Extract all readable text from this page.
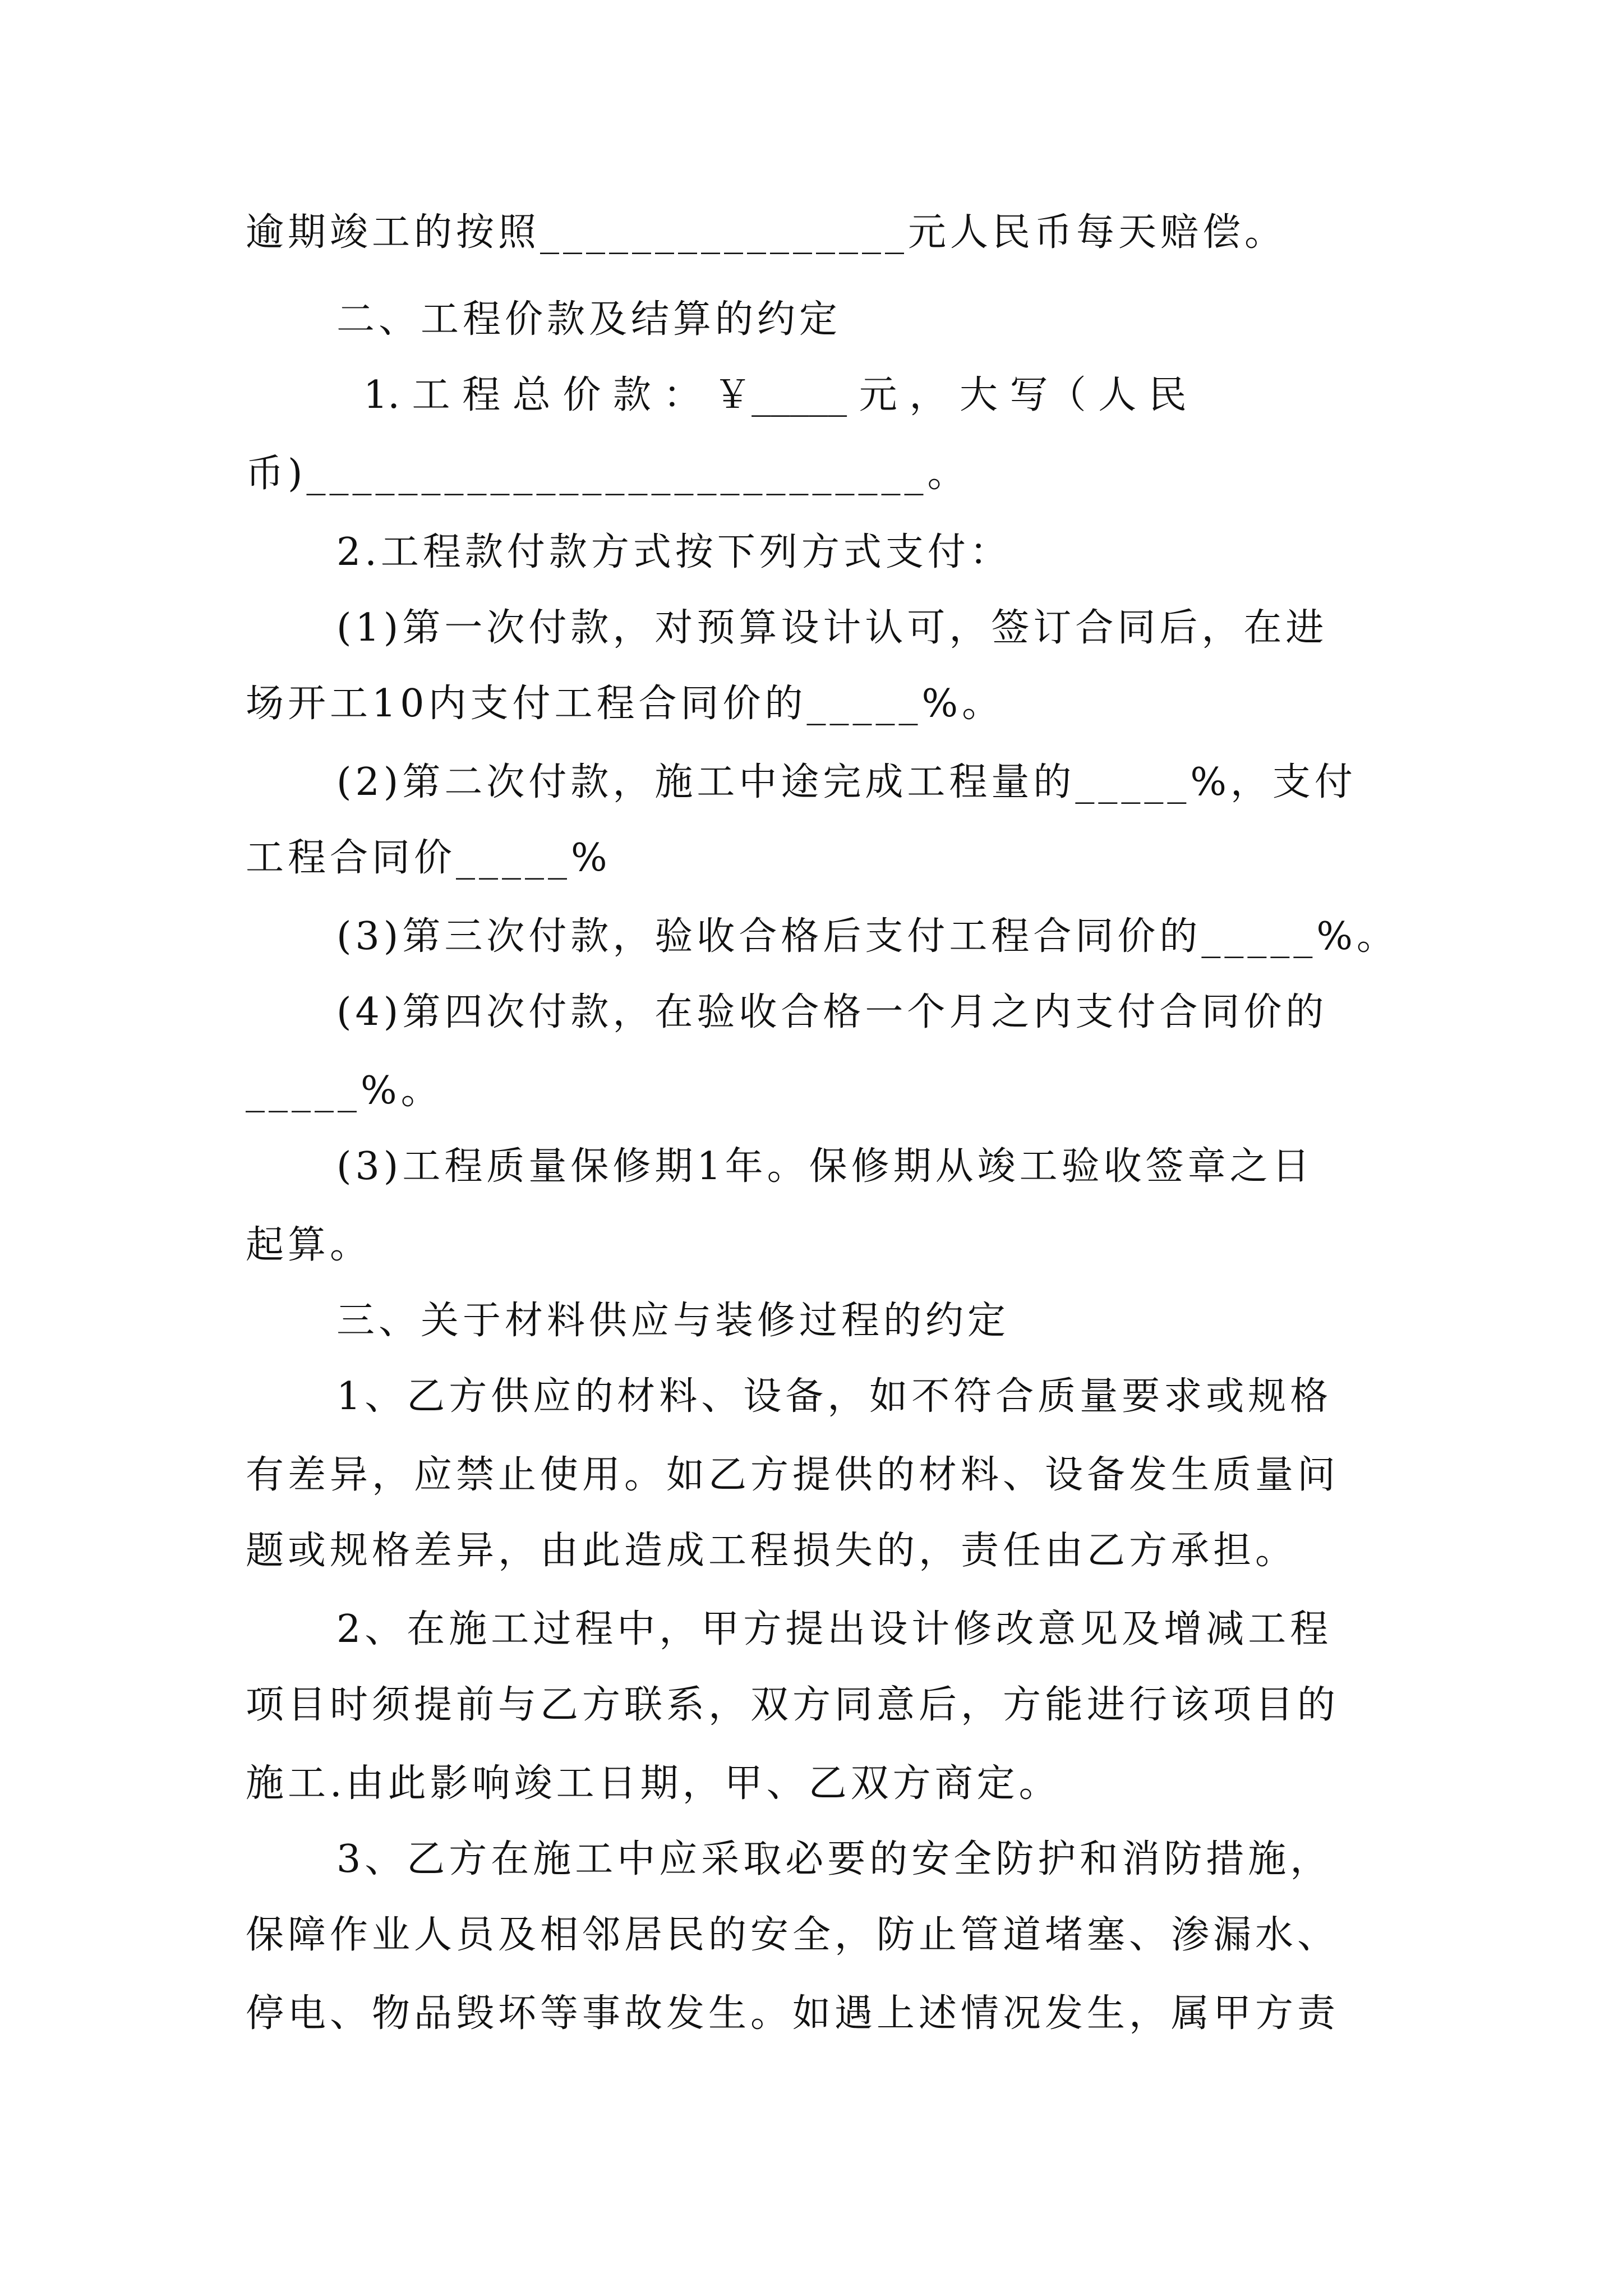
逾期竣工的按照________________元人民币每天赔偿。
二、工程价款及结算的约定
1. 工 程 总 价 款 ： ￥_____ 元 ， 大 写（ 人 民
币)___________________________。
2.工程款付款方式按下列方式支付：
(1)第一次付款，对预算设计认可，签订合同后，在进
场开工10内支付工程合同价的_____%。
(2)第二次付款，施工中途完成工程量的_____%，支付
工程合同价_____%
(3)第三次付款，验收合格后支付工程合同价的_____%。
(4)第四次付款，在验收合格一个月之内支付合同价的
_____%。
(3)工程质量保修期1年。保修期从竣工验收签章之日
起算。
三、关于材料供应与装修过程的约定
1、乙方供应的材料、设备，如不符合质量要求或规格
有差异，应禁止使用。如乙方提供的材料、设备发生质量问
题或规格差异，由此造成工程损失的，责任由乙方承担。
2、在施工过程中，甲方提出设计修改意见及增减工程
项目时须提前与乙方联系，双方同意后，方能进行该项目的
施工.由此影响竣工日期，甲、乙双方商定。
3、乙方在施工中应采取必要的安全防护和消防措施，
保障作业人员及相邻居民的安全，防止管道堵塞、渗漏水、
停电、物品毁坏等事故发生。如遇上述情况发生，属甲方责
